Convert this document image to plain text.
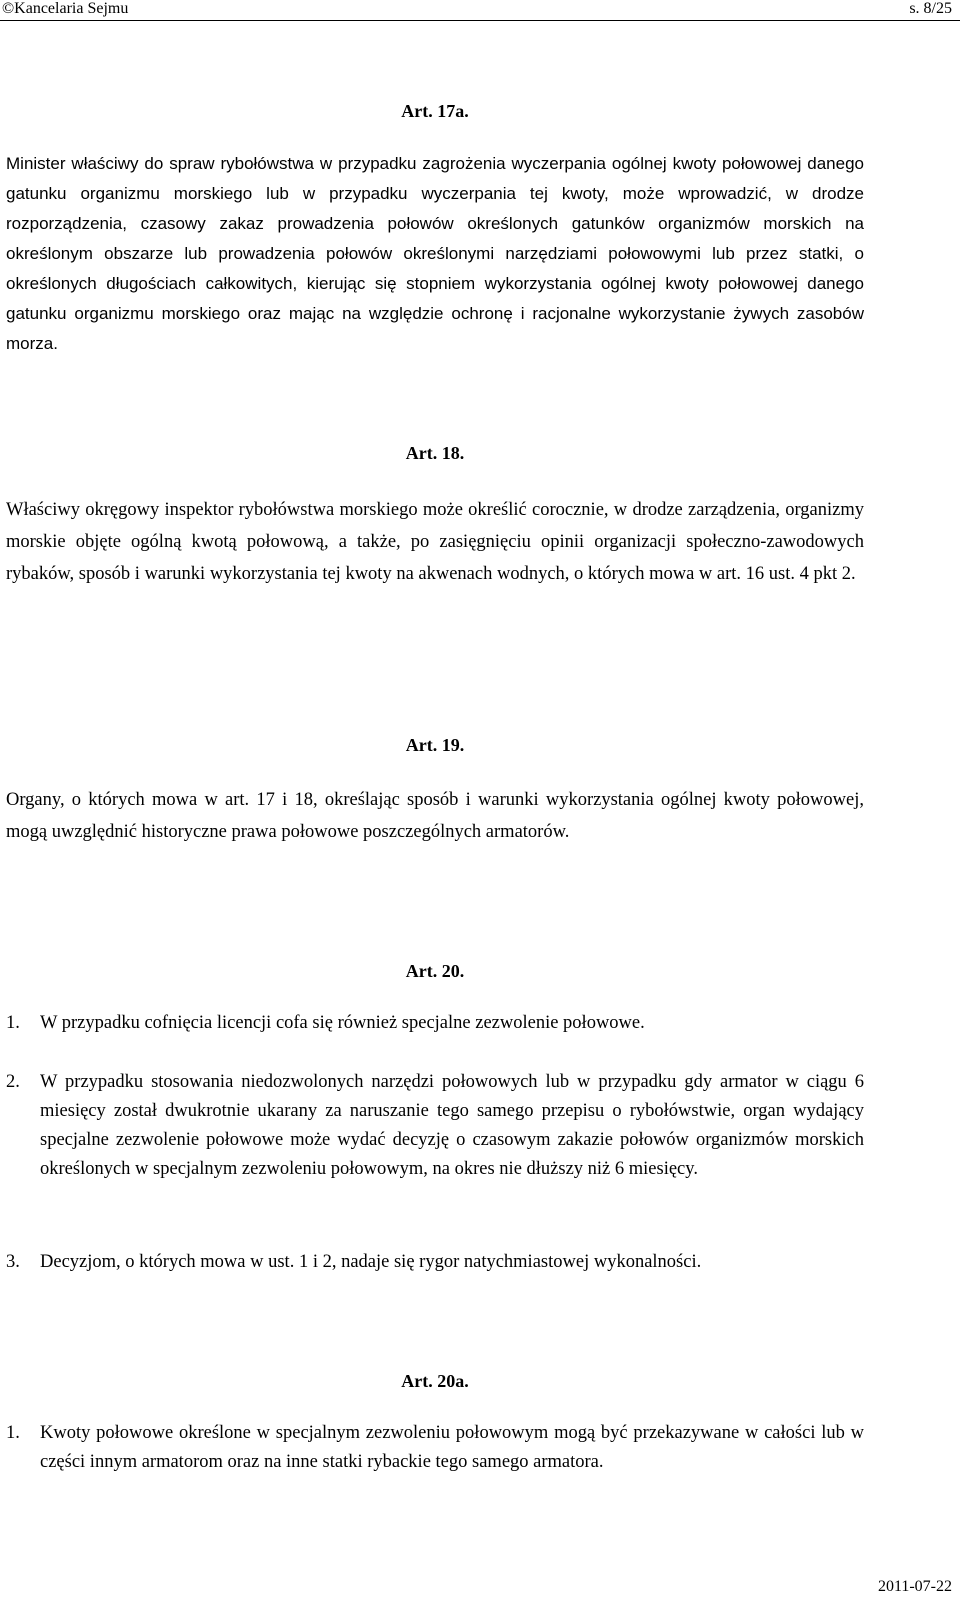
©Kancelaria Sejmu	s. 8/25
Art. 17a.
Minister właściwy do spraw rybołówstwa w przypadku zagrożenia wyczerpania ogólnej kwoty połowowej danego gatunku organizmu morskiego lub w przypadku wyczerpania tej kwoty, może wprowadzić, w drodze rozporządzenia, czasowy zakaz prowadzenia połowów określonych gatunków organizmów morskich na określonym obszarze lub prowadzenia połowów określonymi narzędziami połowowymi lub przez statki, o określonych długościach całkowitych, kierując się stopniem wykorzystania ogólnej kwoty połowowej danego gatunku organizmu morskiego oraz mając na względzie ochronę i racjonalne wykorzystanie żywych zasobów morza.
Art. 18.
Właściwy okręgowy inspektor rybołówstwa morskiego może określić corocznie, w drodze zarządzenia, organizmy morskie objęte ogólną kwotą połowową, a także, po zasięgnięciu opinii organizacji społeczno-zawodowych rybaków, sposób i warunki wykorzystania tej kwoty na akwenach wodnych, o których mowa w art. 16 ust. 4 pkt 2.
Art. 19.
Organy, o których mowa w art. 17 i 18, określając sposób i warunki wykorzystania ogólnej kwoty połowowej, mogą uwzględnić historyczne prawa połowowe poszczególnych armatorów.
Art. 20.
1.	W przypadku cofnięcia licencji cofa się również specjalne zezwolenie połowowe.
2.	W przypadku stosowania niedozwolonych narzędzi połowowych lub w przypadku gdy armator w ciągu 6 miesięcy został dwukrotnie ukarany za naruszanie tego samego przepisu o rybołówstwie, organ wydający specjalne zezwolenie połowowe może wydać decyzję o czasowym zakazie połowów organizmów morskich określonych w specjalnym zezwoleniu połowowym, na okres nie dłuższy niż 6 miesięcy.
3.	Decyzjom, o których mowa w ust. 1 i 2, nadaje się rygor natychmiastowej wykonalności.
Art. 20a.
1.	Kwoty połowowe określone w specjalnym zezwoleniu połowowym mogą być przekazywane w całości lub w części innym armatorom oraz na inne statki rybackie tego samego armatora.
2011-07-22
